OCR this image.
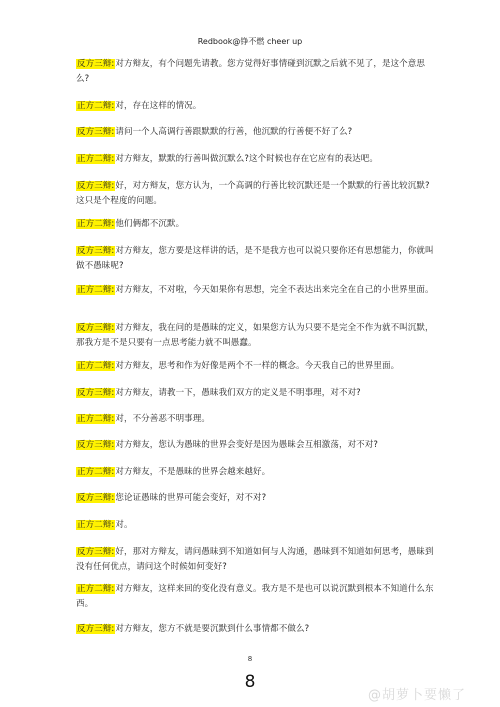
Redbook@铮不燃 cheer up
反方三辩:对方辩友，有个问题先请教。您方觉得好事情碰到沉默之后就不见了，是这个意思么?
正方二辩:对，存在这样的情况。
反方三辩:请问一个人高调行善跟默默的行善，他沉默的行善便不好了么?
正方二辩:对方辩友，默默的行善叫做沉默么?这个时候也存在它应有的表达吧。
反方三辩:好，对方辩友，您方认为，一个高调的行善比较沉默还是一个默默的行善比较沉默?这只是个程度的问题。
正方二辩:他们俩都不沉默。
反方三辩:对方辩友，您方要是这样讲的话，是不是我方也可以说只要你还有思想能力，你就叫做不愚昧呢?
正方二辩:对方辩友，不对啦，今天如果你有思想，完全不表达出来完全在自己的小世界里面。
反方三辩:对方辩友，我在问的是愚昧的定义，如果您方认为只要不是完全不作为就不叫沉默，那我方是不是只要有一点思考能力就不叫愚蠢。
正方二辩:对方辩友，思考和作为好像是两个不一样的概念。今天我自己的世界里面。
反方三辩:对方辩友，请教一下，愚昧我们双方的定义是不明事理，对不对?
正方二辩:对，不分善恶不明事理。
反方三辩:对方辩友，您认为愚昧的世界会变好是因为愚昧会互相激荡，对不对?
正方二辩:对方辩友，不是愚昧的世界会越来越好。
反方三辩:您论证愚昧的世界可能会变好，对不对?
正方二辩:对。
反方三辩:好，那对方辩友，请问愚昧到不知道如何与人沟通，愚昧到不知道如何思考，愚昧到没有任何优点，请问这个时候如何变好?
正方二辩:对方辩友，这样来回的变化没有意义。我方是不是也可以说沉默到根本不知道什么东西。
反方三辩:对方辩友，您方不就是要沉默到什么事情都不做么?
8
8
@胡萝卜要懒了
